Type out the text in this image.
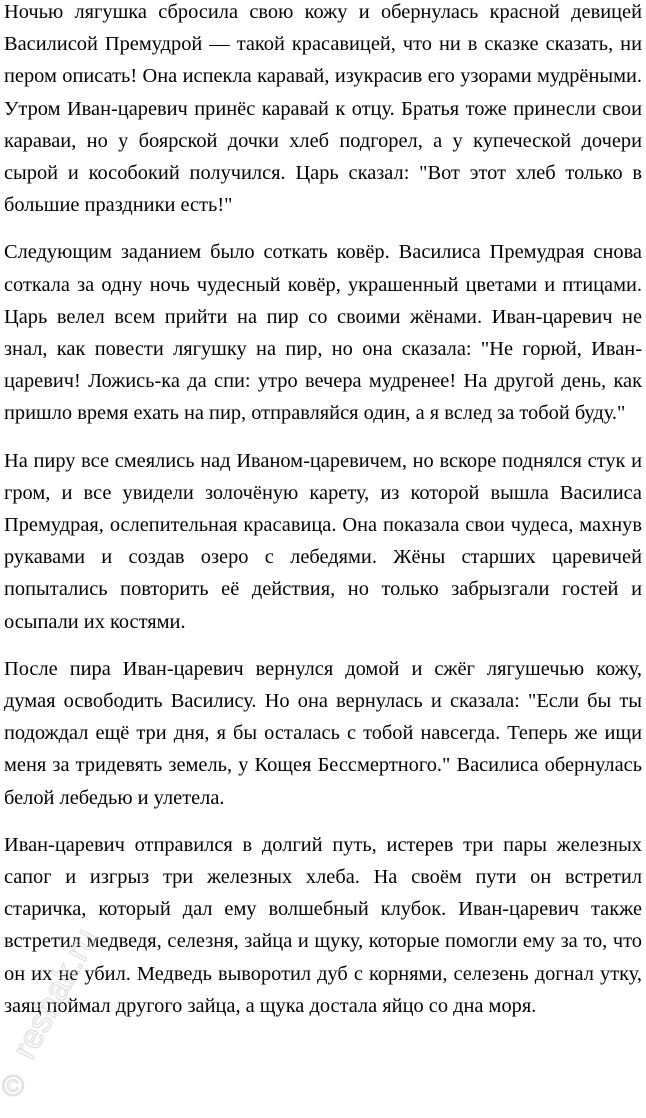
Ночью лягушка сбросила свою кожу и обернулась красной девицей Василисой Премудрой — такой красавицей, что ни в сказке сказать, ни пером описать! Она испекла каравай, изукрасив его узорами мудрёными. Утром Иван-царевич принёс каравай к отцу. Братья тоже принесли свои караваи, но у боярской дочки хлеб подгорел, а у купеческой дочери сырой и кособокий получился. Царь сказал: "Вот этот хлеб только в большие праздники есть!"

Следующим заданием было соткать ковёр. Василиса Премудрая снова соткала за одну ночь чудесный ковёр, украшенный цветами и птицами. Царь велел всем прийти на пир со своими жёнами. Иван-царевич не знал, как повести лягушку на пир, но она сказала: "Не горюй, Иван-царевич! Ложись-ка да спи: утро вечера мудренее! На другой день, как пришло время ехать на пир, отправляйся один, а я вслед за тобой буду."

На пиру все смеялись над Иваном-царевичем, но вскоре поднялся стук и гром, и все увидели золочёную карету, из которой вышла Василиса Премудрая, ослепительная красавица. Она показала свои чудеса, махнув рукавами и создав озеро с лебедями. Жёны старших царевичей попытались повторить её действия, но только забрызгали гостей и осыпали их костями.

После пира Иван-царевич вернулся домой и сжёг лягушечью кожу, думая освободить Василису. Но она вернулась и сказала: "Если бы ты подождал ещё три дня, я бы осталась с тобой навсегда. Теперь же ищи меня за тридевять земель, у Кощея Бессмертного." Василиса обернулась белой лебедью и улетела.

Иван-царевич отправился в долгий путь, истерев три пары железных сапог и изгрыз три железных хлеба. На своём пути он встретил старичка, который дал ему волшебный клубок. Иван-царевич также встретил медведя, селезня, зайца и щуку, которые помогли ему за то, что он их не убил. Медведь выворотил дуб с корнями, селезень догнал утку, заяц поймал другого зайца, а щука достала яйцо со дна моря.

reshak.ru
©
